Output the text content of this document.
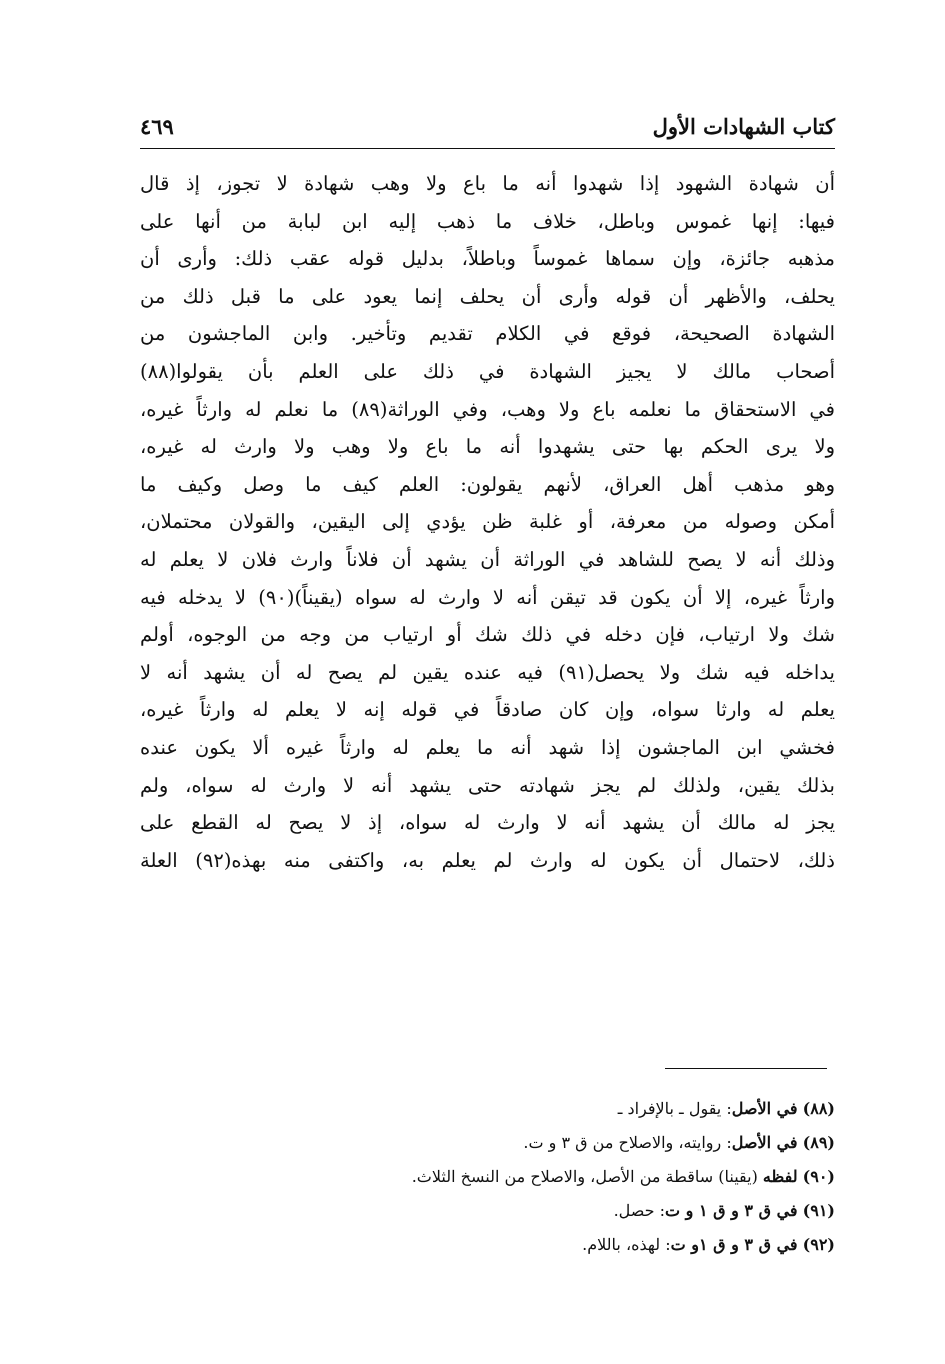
كتاب الشهادات الأول
٤٦٩
أن شهادة الشهود إذا شهدوا أنه ما باع ولا وهب شهادة لا تجوز، إذ قال
فيها: إنها غموس وباطل، خلاف ما ذهب إليه ابن لبابة من أنها على
مذهبه جائزة، وإن سماها غموساً وباطلاً، بدليل قوله عقب ذلك: وأرى أن
يحلف، والأظهر أن قوله وأرى أن يحلف إنما يعود على ما قبل ذلك من
الشهادة الصحيحة، فوقع في الكلام تقديم وتأخير. وابن الماجشون من
أصحاب مالك لا يجيز الشهادة في ذلك على العلم بأن يقولوا(٨٨)
في الاستحقاق ما نعلمه باع ولا وهب، وفي الوراثة(٨٩) ما نعلم له وارثاً غيره،
ولا يرى الحكم بها حتى يشهدوا أنه ما باع ولا وهب ولا وارث له غيره،
وهو مذهب أهل العراق، لأنهم يقولون: العلم كيف ما وصل وكيف ما
أمكن وصوله من معرفة، أو غلبة ظن يؤدي إلى اليقين، والقولان محتملان،
وذلك أنه لا يصح للشاهد في الوراثة أن يشهد أن فلاناً وارث فلان لا يعلم له
وارثاً غيره، إلا أن يكون قد تيقن أنه لا وارث له سواه (يقيناً)(٩٠) لا يدخله فيه
شك ولا ارتياب، فإن دخله في ذلك شك أو ارتياب من وجه من الوجوه، أولم
يداخله فيه شك ولا يحصل(٩١) فيه عنده يقين لم يصح له أن يشهد أنه لا
يعلم له وارثا سواه، وإن كان صادقاً في قوله إنه لا يعلم له وارثاً غيره،
فخشي ابن الماجشون إذا شهد أنه ما يعلم له وارثاً غيره ألا يكون عنده
بذلك يقين، ولذلك لم يجز شهادته حتى يشهد أنه لا وارث له سواه، ولم
يجز له مالك أن يشهد أنه لا وارث له سواه، إذ لا يصح له القطع على
ذلك، لاحتمال أن يكون له وارث لم يعلم به، واكتفى منه بهذه(٩٢) العلة
(٨٨) في الأصل: يقول ـ بالإفراد ـ
(٨٩) في الأصل: روايته، والاصلاح من ق ٣ و ت.
(٩٠) لفظه (يقينا) ساقطة من الأصل، والاصلاح من النسخ الثلاث.
(٩١) في ق ٣ و ق ١ و ت: حصل.
(٩٢) في ق ٣ و ق ١و ت: لهذه، باللام.
